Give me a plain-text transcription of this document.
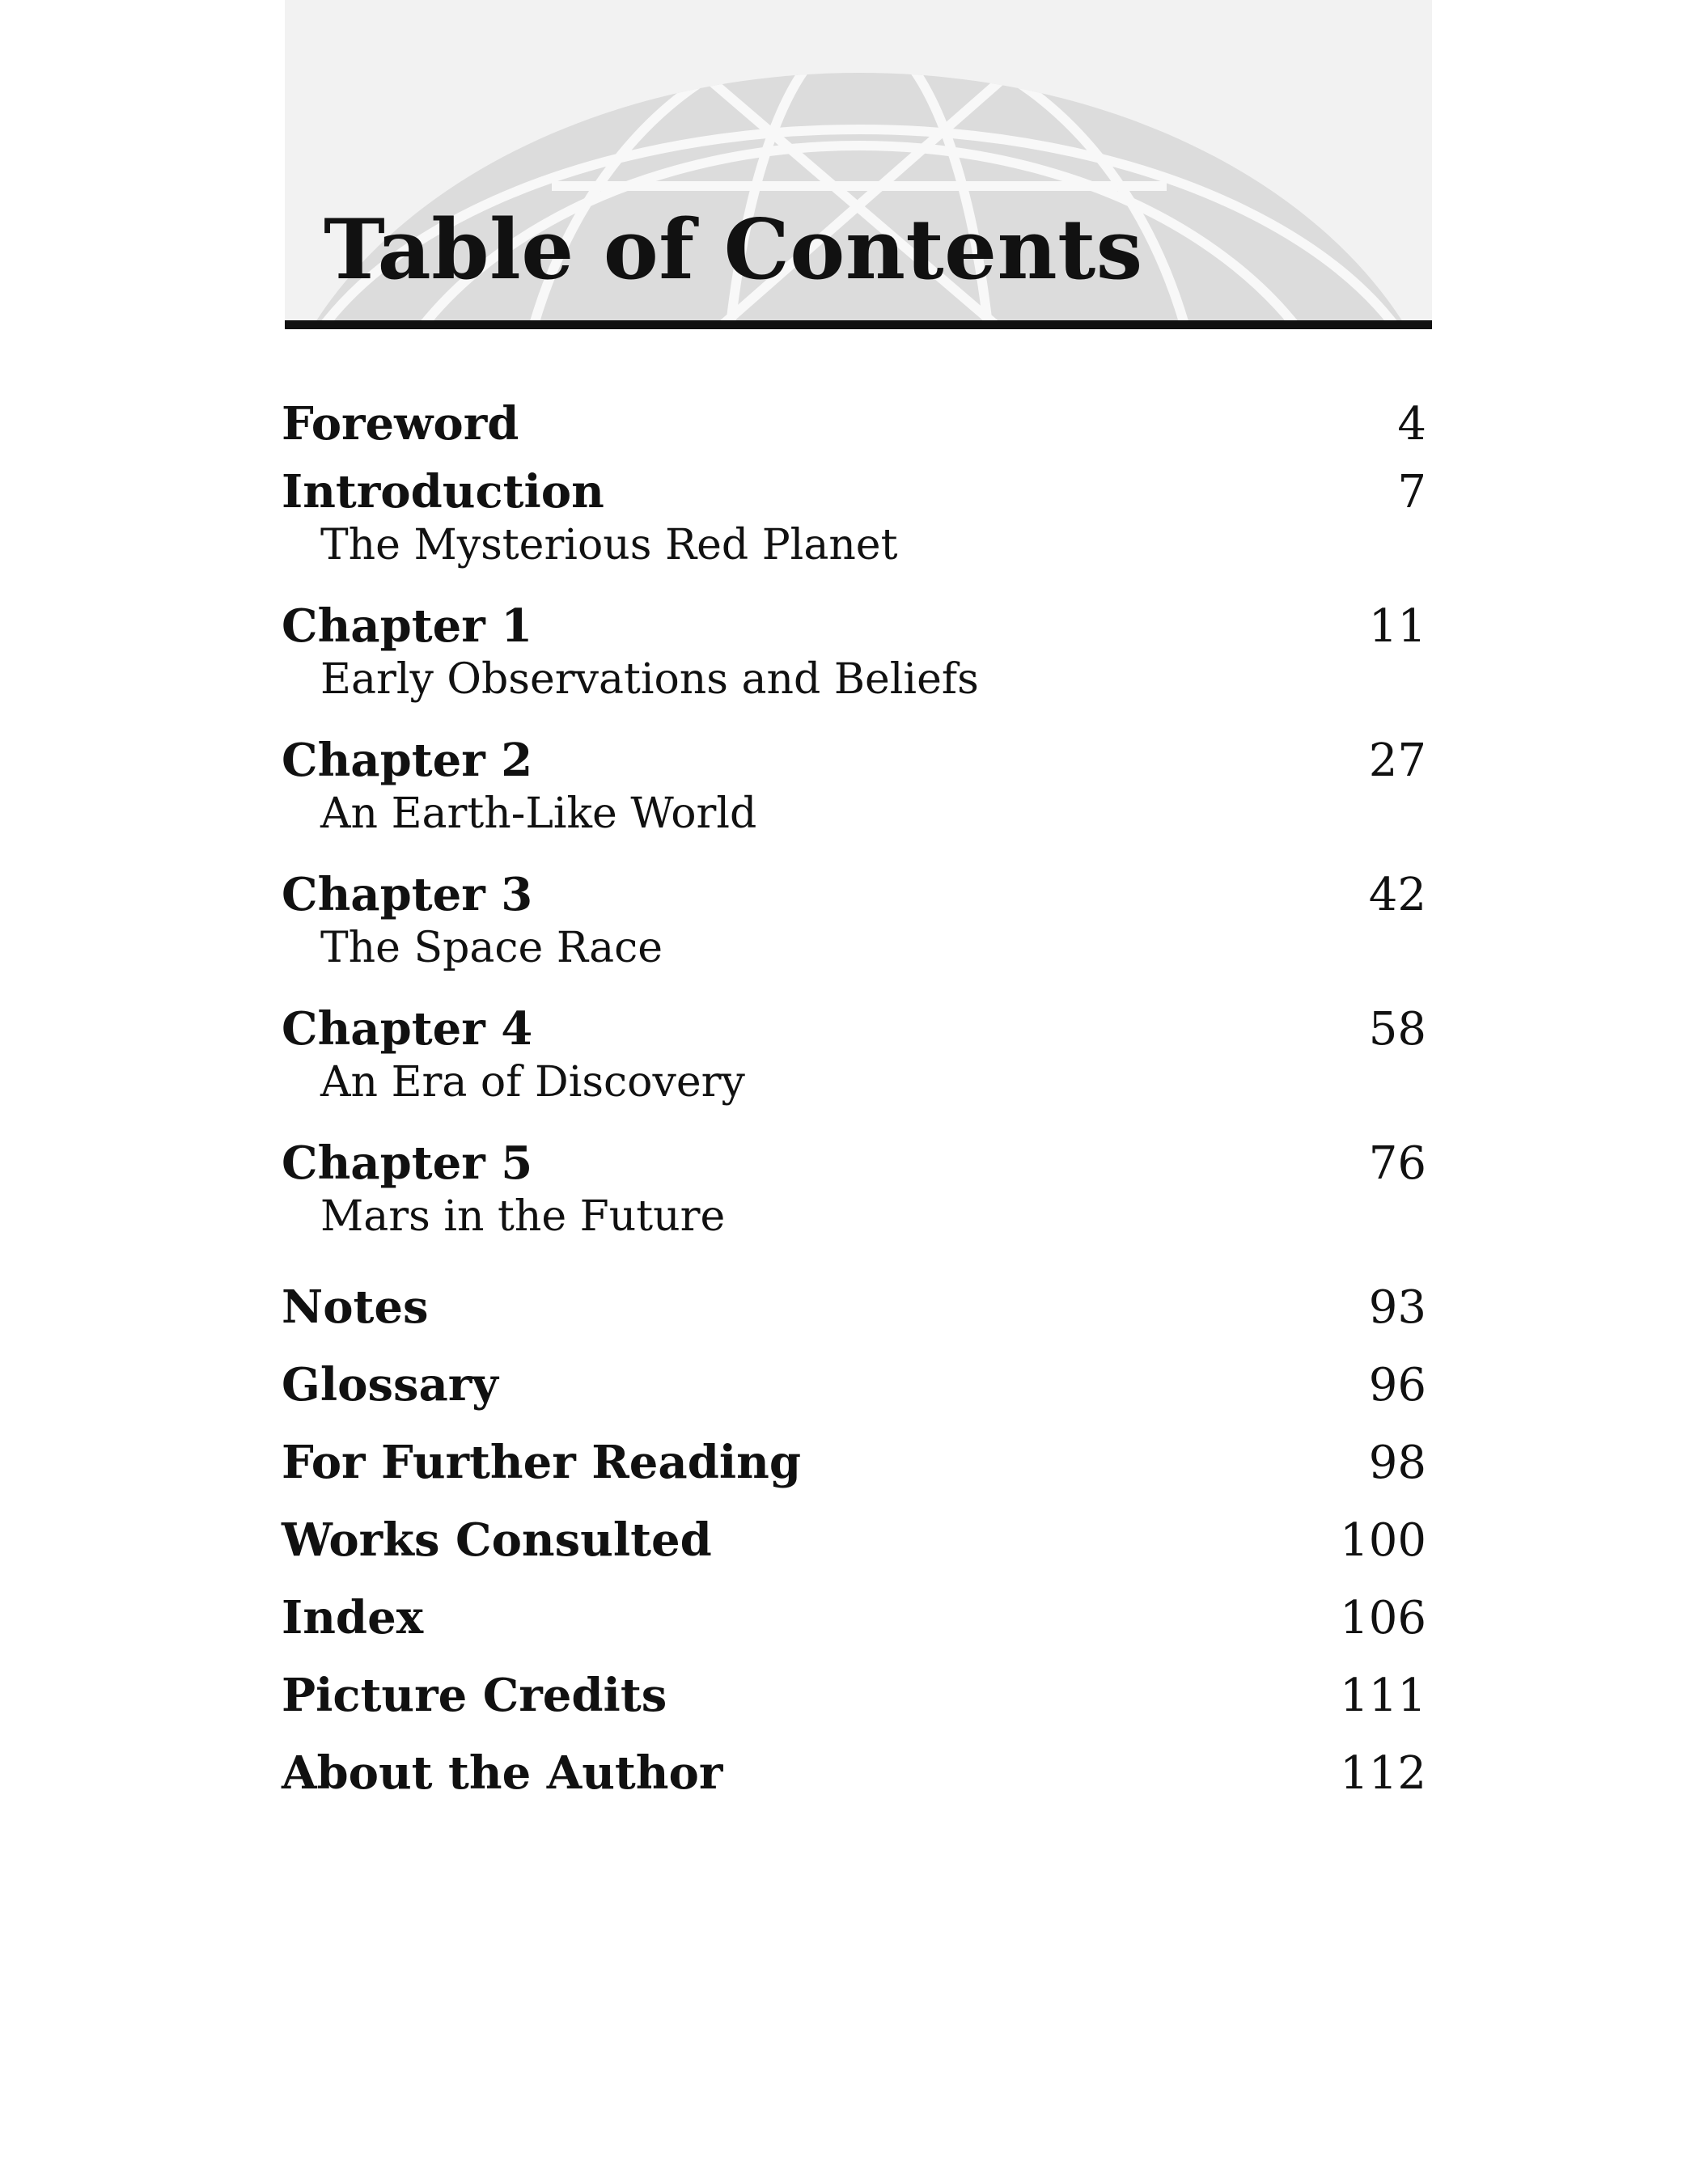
Table of Contents
Foreword	4
Introduction	7
The Mysterious Red Planet
Chapter 1	11
Early Observations and Beliefs
Chapter 2	27
An Earth-Like World
Chapter 3	42
The Space Race
Chapter 4	58
An Era of Discovery
Chapter 5	76
Mars in the Future
Notes	93
Glossary	96
For Further Reading	98
Works Consulted	100
Index	106
Picture Credits	111
About the Author	112
